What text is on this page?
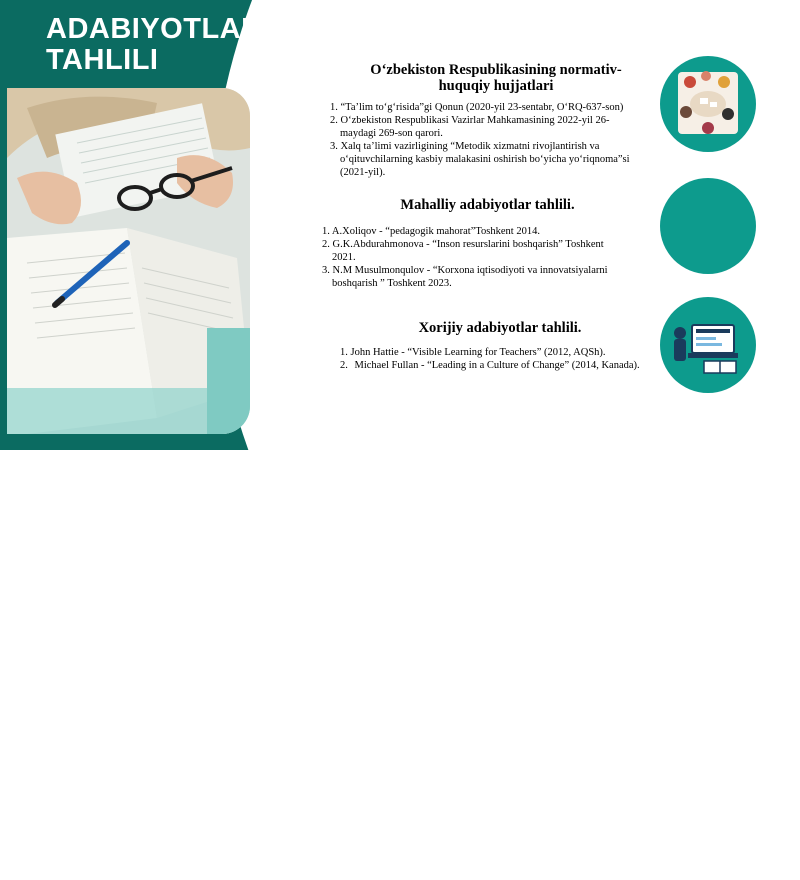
ADABIYOTLAR
TAHLILI	O‘zbekiston Respublikasining normativ-
huquqiy hujjatlari

1. “Ta’lim to‘g‘risida”gi Qonun (2020-yil 23-sentabr, O‘RQ-637-son)
2. O‘zbekiston Respublikasi Vazirlar Mahkamasining 2022-yil 26-
maydagi 269-son qarori.
3. Xalq ta’limi vazirligining “Metodik xizmatni rivojlantirish va
o‘qituvchilarning kasbiy malakasini oshirish bo‘yicha yo‘riqnoma”si
(2021-yil).

Mahalliy adabiyotlar tahlili.

1. A.Xoliqov - “pedagogik mahorat”Toshkent 2014.
2. G.K.Abdurahmonova - “Inson resurslarini boshqarish” Toshkent
2021.
3. N.M Musulmonqulov - “Korxona iqtisodiyoti va innovatsiyalarni
boshqarish ” Toshkent 2023.

Xorijiy adabiyotlar tahlili.

1. John Hattie - “Visible Learning for Teachers” (2012, AQSh).
2. Michael Fullan - “Leading in a Culture of Change” (2014, Kanada).
